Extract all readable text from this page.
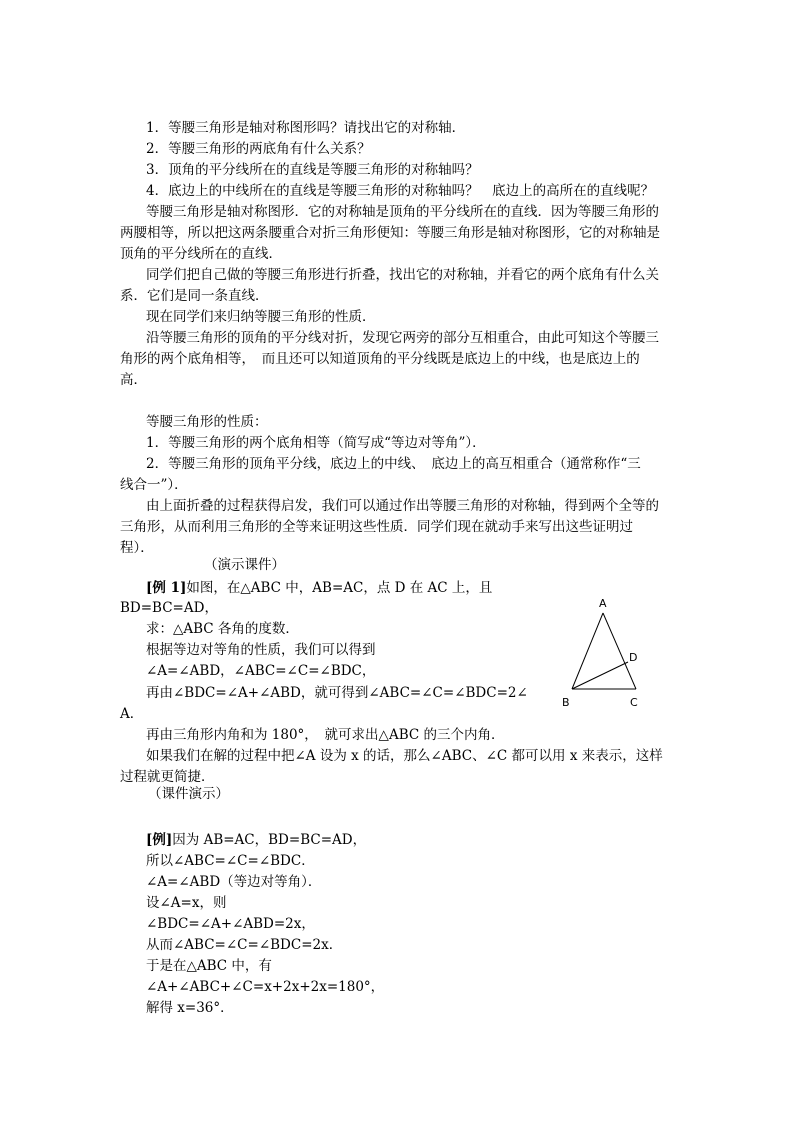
1．等腰三角形是轴对称图形吗？请找出它的对称轴．
2．等腰三角形的两底角有什么关系？
3．顶角的平分线所在的直线是等腰三角形的对称轴吗？
4．底边上的中线所在的直线是等腰三角形的对称轴吗？　底边上的高所在的直线呢？
等腰三角形是轴对称图形．它的对称轴是顶角的平分线所在的直线．因为等腰三角形的
两腰相等，所以把这两条腰重合对折三角形便知：等腰三角形是轴对称图形，它的对称轴是
顶角的平分线所在的直线．
同学们把自己做的等腰三角形进行折叠，找出它的对称轴，并看它的两个底角有什么关
系．它们是同一条直线．
现在同学们来归纳等腰三角形的性质．
沿等腰三角形的顶角的平分线对折，发现它两旁的部分互相重合，由此可知这个等腰三
角形的两个底角相等，　而且还可以知道顶角的平分线既是底边上的中线，也是底边上的
高．
等腰三角形的性质：
1．等腰三角形的两个底角相等（简写成“等边对等角”）．
2．等腰三角形的顶角平分线，底边上的中线、　底边上的高互相重合（通常称作“三
线合一”）．
由上面折叠的过程获得启发，我们可以通过作出等腰三角形的对称轴，得到两个全等的
三角形，从而利用三角形的全等来证明这些性质．同学们现在就动手来写出这些证明过
程）．
（演示课件）
[例 1]如图，在△ABC 中，AB=AC，点 D 在 AC 上，且
BD=BC=AD，
求：△ABC 各角的度数．
根据等边对等角的性质，我们可以得到
∠A=∠ABD，∠ABC=∠C=∠BDC，
再由∠BDC=∠A+∠ABD，就可得到∠ABC=∠C=∠BDC=2∠
A．
再由三角形内角和为 180°，　就可求出△ABC 的三个内角．
如果我们在解的过程中把∠A 设为 x 的话，那么∠ABC、∠C 都可以用 x 来表示，这样
过程就更简捷．
（课件演示）
[例]因为 AB=AC，BD=BC=AD，
所以∠ABC=∠C=∠BDC．
∠A=∠ABD（等边对等角）．
设∠A=x，则
∠BDC=∠A+∠ABD=2x，
从而∠ABC=∠C=∠BDC=2x．
于是在△ABC 中，有
∠A+∠ABC+∠C=x+2x+2x=180°，
解得 x=36°．
A
B	C
D
